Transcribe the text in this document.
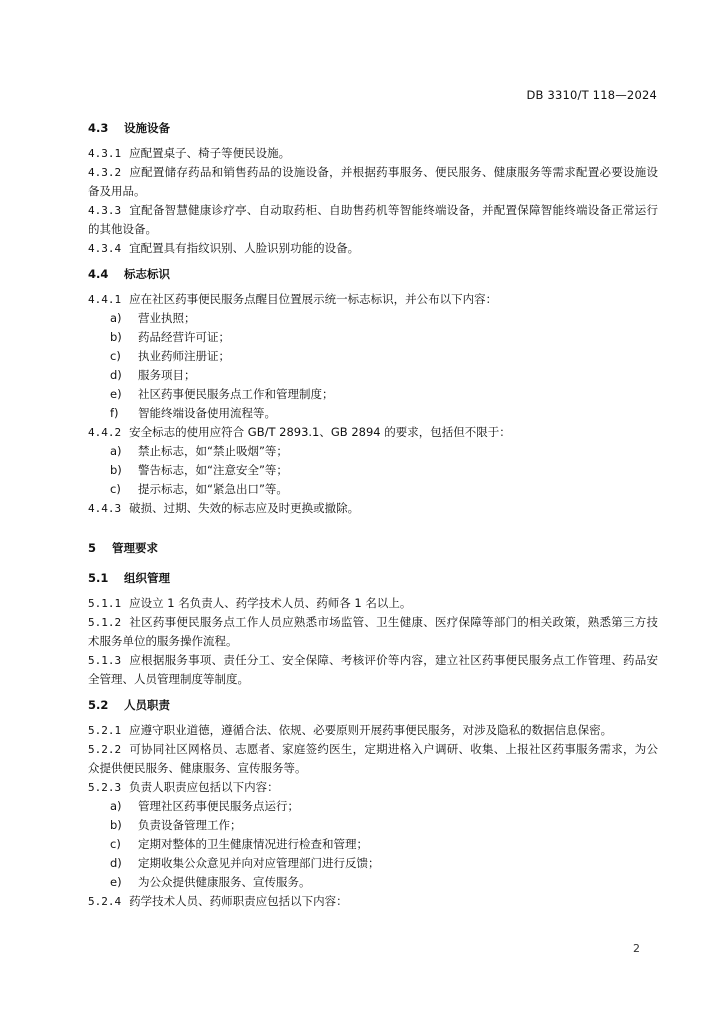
DB 3310/T 118—2024
4.3 设施设备

4.3.1 应配置桌子、椅子等便民设施。

4.3.2 应配置储存药品和销售药品的设施设备，并根据药事服务、便民服务、健康服务等需求配置必要设施设备及用品。

4.3.3 宜配备智慧健康诊疗亭、自动取药柜、自助售药机等智能终端设备，并配置保障智能终端设备正常运行的其他设备。

4.3.4 宜配置具有指纹识别、人脸识别功能的设备。

4.4 标志标识

4.4.1 应在社区药事便民服务点醒目位置展示统一标志标识，并公布以下内容：

a) 营业执照；
b) 药品经营许可证；
c) 执业药师注册证；
d) 服务项目；
e) 社区药事便民服务点工作和管理制度；
f) 智能终端设备使用流程等。

4.4.2 安全标志的使用应符合 GB/T 2893.1、GB 2894 的要求，包括但不限于：

a) 禁止标志，如“禁止吸烟”等；
b) 警告标志，如“注意安全”等；
c) 提示标志，如“紧急出口”等。

4.4.3 破损、过期、失效的标志应及时更换或撤除。

5 管理要求
5.1 组织管理

5.1.1 应设立 1 名负责人、药学技术人员、药师各 1 名以上。

5.1.2 社区药事便民服务点工作人员应熟悉市场监管、卫生健康、医疗保障等部门的相关政策，熟悉第三方技术服务单位的服务操作流程。

5.1.3 应根据服务事项、责任分工、安全保障、考核评价等内容，建立社区药事便民服务点工作管理、药品安全管理、人员管理制度等制度。

5.2 人员职责

5.2.1 应遵守职业道德，遵循合法、依规、必要原则开展药事便民服务，对涉及隐私的数据信息保密。

5.2.2 可协同社区网格员、志愿者、家庭签约医生，定期进格入户调研、收集、上报社区药事服务需求，为公众提供便民服务、健康服务、宣传服务等。

5.2.3 负责人职责应包括以下内容：

a) 管理社区药事便民服务点运行；
b) 负责设备管理工作；
c) 定期对整体的卫生健康情况进行检查和管理；
d) 定期收集公众意见并向对应管理部门进行反馈；
e) 为公众提供健康服务、宣传服务。

5.2.4 药学技术人员、药师职责应包括以下内容：

2
